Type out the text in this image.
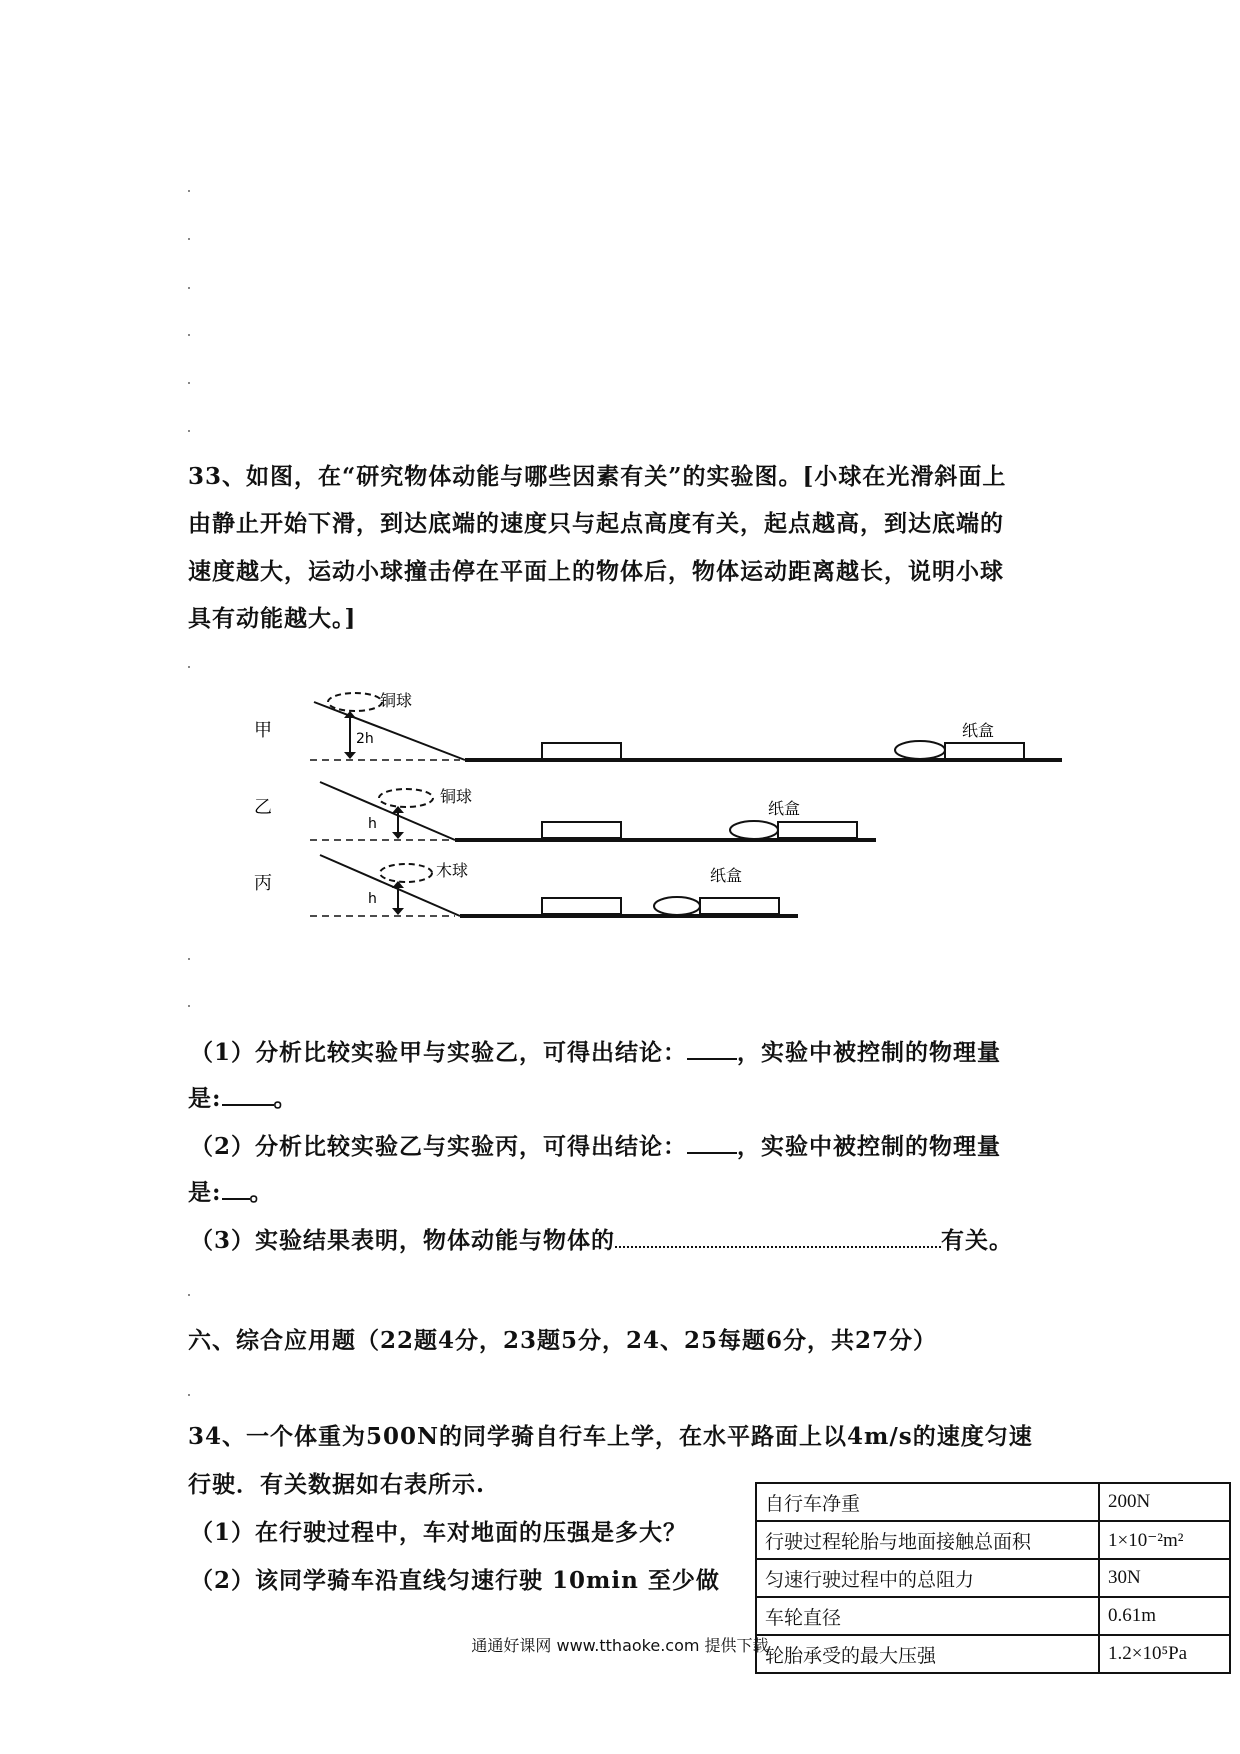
33、如图，在“研究物体动能与哪些因素有关”的实验图。[小球在光滑斜面上
由静止开始下滑，到达底端的速度只与起点高度有关，起点越高，到达底端的
速度越大，运动小球撞击停在平面上的物体后，物体运动距离越长，说明小球
具有动能越大。]
甲	2h
铜球
纸盒
乙
h
铜球
纸盒
丙
h
木球	纸盒
（1）分析比较实验甲与实验乙，可得出结论： ，实验中被控制的物理量
是: 。
（2）分析比较实验乙与实验丙，可得出结论： ，实验中被控制的物理量
是: 。
（3）实验结果表明，物体动能与物体的	有关。
六、综合应用题（22题4分，23题5分，24、25每题6分，共27分）
34、一个体重为500N的同学骑自行车上学，在水平路面上以4m/s的速度匀速
行驶．有关数据如右表所示.
（1）在行驶过程中，车对地面的压强是多大？
（2）该同学骑车沿直线匀速行驶 10min 至少做
自行车净重	200N
行驶过程轮胎与地面接触总面积	1×10⁻²m²
匀速行驶过程中的总阻力	30N
车轮直径	0.61m
轮胎承受的最大压强	1.2×10⁵Pa
通通好课网 www.tthaoke.com 提供下载
